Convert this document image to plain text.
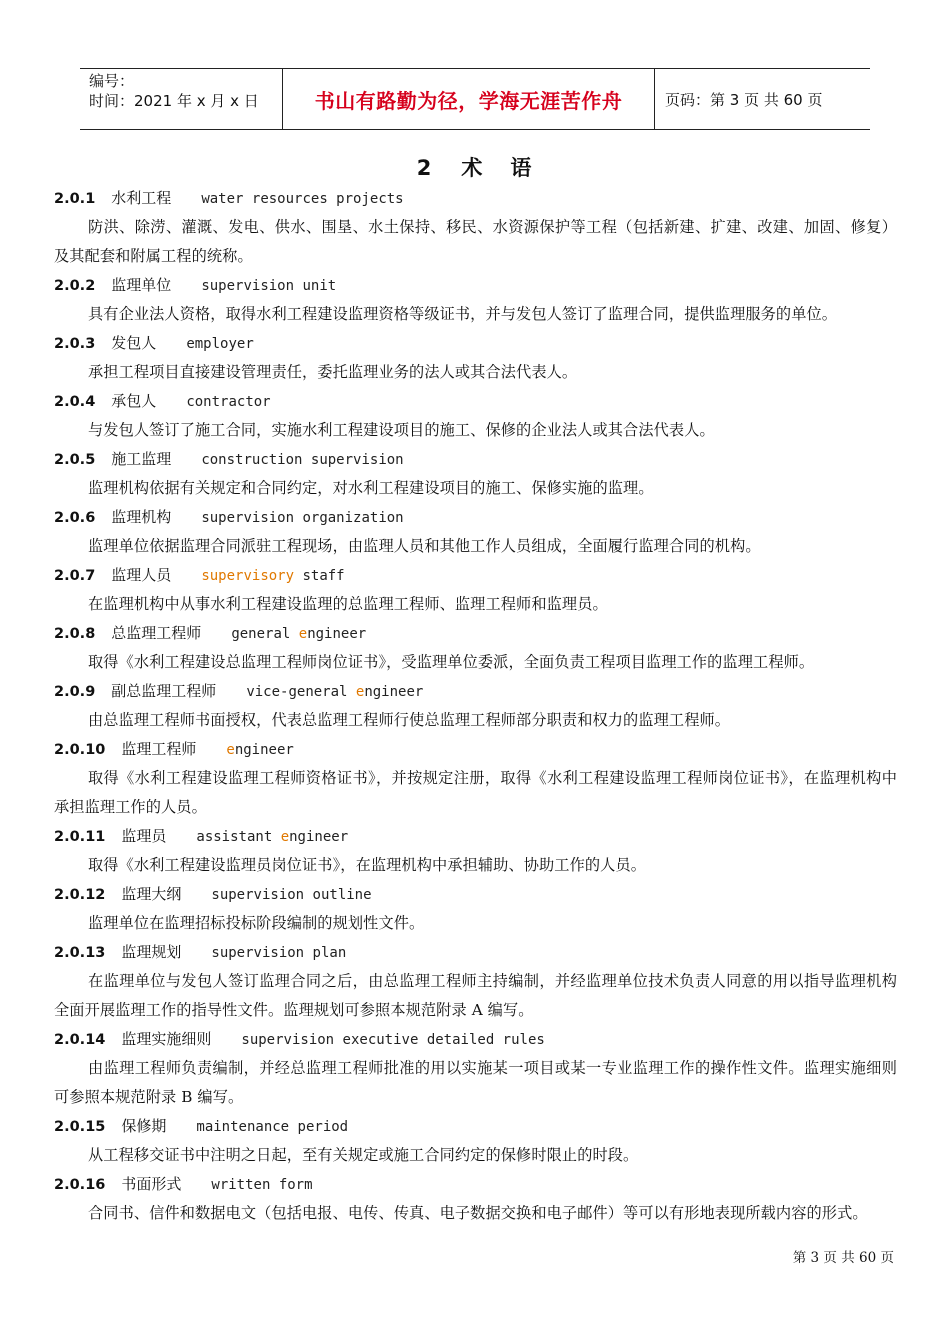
编号：
时间：2021 年 x 月 x 日	书山有路勤为径，学海无涯苦作舟	页码：第 3 页 共 60 页
2 术 语
2.0.1 水利工程 water resources projects
防洪、除涝、灌溉、发电、供水、围垦、水土保持、移民、水资源保护等工程（包括新建、扩建、改建、加固、修复）及其配套和附属工程的统称。
2.0.2 监理单位 supervision unit
具有企业法人资格，取得水利工程建设监理资格等级证书，并与发包人签订了监理合同，提供监理服务的单位。
2.0.3 发包人 employer
承担工程项目直接建设管理责任，委托监理业务的法人或其合法代表人。
2.0.4 承包人 contractor
与发包人签订了施工合同，实施水利工程建设项目的施工、保修的企业法人或其合法代表人。
2.0.5 施工监理 construction supervision
监理机构依据有关规定和合同约定，对水利工程建设项目的施工、保修实施的监理。
2.0.6 监理机构 supervision organization
监理单位依据监理合同派驻工程现场，由监理人员和其他工作人员组成，全面履行监理合同的机构。
2.0.7 监理人员 supervisory staff
在监理机构中从事水利工程建设监理的总监理工程师、监理工程师和监理员。
2.0.8 总监理工程师 general engineer
取得《水利工程建设总监理工程师岗位证书》，受监理单位委派，全面负责工程项目监理工作的监理工程师。
2.0.9 副总监理工程师 vice-general engineer
由总监理工程师书面授权，代表总监理工程师行使总监理工程师部分职责和权力的监理工程师。
2.0.10 监理工程师 engineer
取得《水利工程建设监理工程师资格证书》，并按规定注册，取得《水利工程建设监理工程师岗位证书》，在监理机构中承担监理工作的人员。
2.0.11 监理员 assistant engineer
取得《水利工程建设监理员岗位证书》，在监理机构中承担辅助、协助工作的人员。
2.0.12 监理大纲 supervision outline
监理单位在监理招标投标阶段编制的规划性文件。
2.0.13 监理规划 supervision plan
在监理单位与发包人签订监理合同之后，由总监理工程师主持编制，并经监理单位技术负责人同意的用以指导监理机构全面开展监理工作的指导性文件。监理规划可参照本规范附录 A 编写。
2.0.14 监理实施细则 supervision executive detailed rules
由监理工程师负责编制，并经总监理工程师批准的用以实施某一项目或某一专业监理工作的操作性文件。监理实施细则可参照本规范附录 B 编写。
2.0.15 保修期 maintenance period
从工程移交证书中注明之日起，至有关规定或施工合同约定的保修时限止的时段。
2.0.16 书面形式 written form
合同书、信件和数据电文（包括电报、电传、传真、电子数据交换和电子邮件）等可以有形地表现所载内容的形式。
第 3 页 共 60 页
